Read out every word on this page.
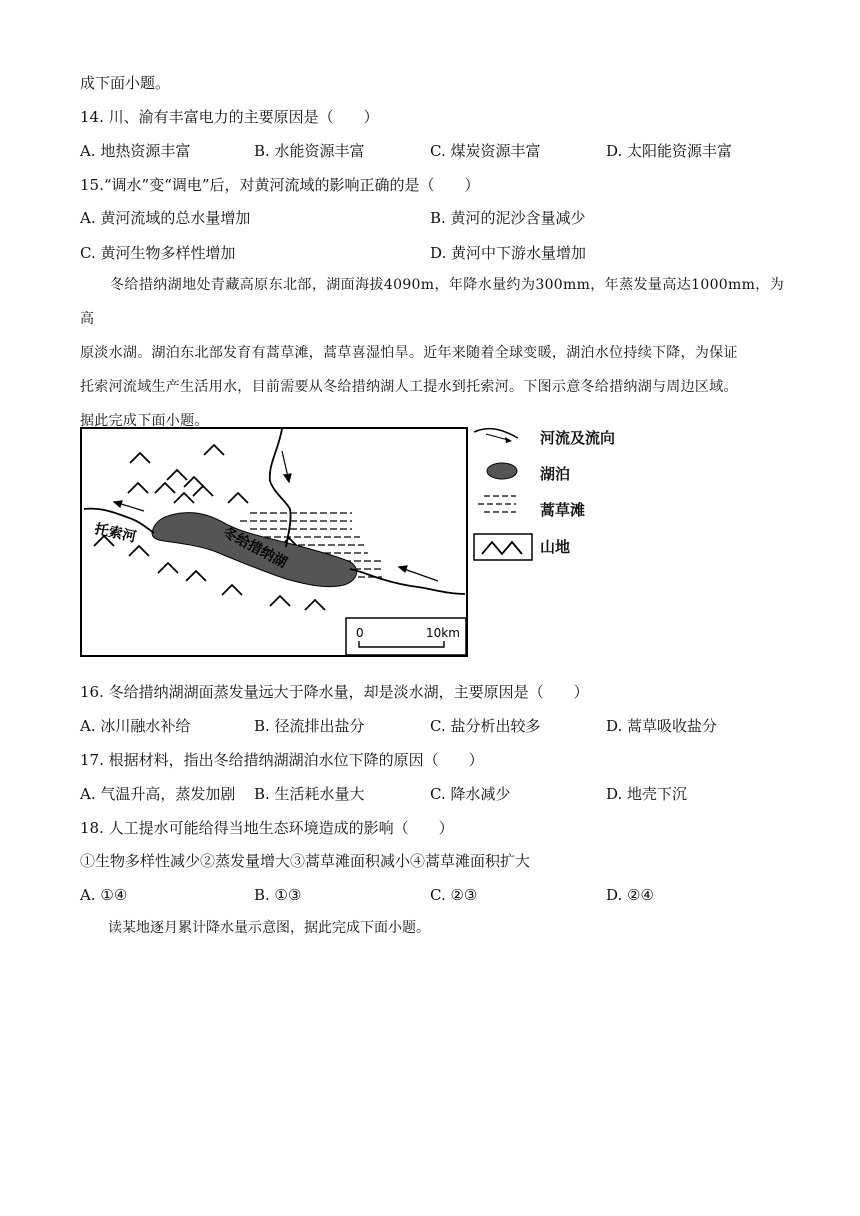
成下面小题。
14. 川、渝有丰富电力的主要原因是（　　）
A. 地热资源丰富	B. 水能资源丰富	C. 煤炭资源丰富	D. 太阳能资源丰富
15.“调水”变“调电”后，对黄河流域的影响正确的是（　　）
A. 黄河流域的总水量增加	B. 黄河的泥沙含量减少
C. 黄河生物多样性增加	D. 黄河中下游水量增加
冬给措纳湖地处青藏高原东北部，湖面海拔4090m，年降水量约为300mm，年蒸发量高达1000mm，为高
原淡水湖。湖泊东北部发育有蒿草滩，蒿草喜湿怕旱。近年来随着全球变暖，湖泊水位持续下降，为保证
托索河流域生产生活用水，目前需要从冬给措纳湖人工提水到托索河。下图示意冬给措纳湖与周边区域。
据此完成下面小题。
托索河	冬给措纳湖
0	10km
河流及流向
湖泊
蒿草滩
山地
16. 冬给措纳湖湖面蒸发量远大于降水量，却是淡水湖，主要原因是（　　）
A. 冰川融水补给	B. 径流排出盐分	C. 盐分析出较多	D. 蒿草吸收盐分
17. 根据材料，指出冬给措纳湖湖泊水位下降的原因（　　）
A. 气温升高，蒸发加剧 B. 生活耗水量大	C. 降水减少	D. 地壳下沉
18. 人工提水可能给得当地生态环境造成的影响（　　）
①生物多样性减少②蒸发量增大③蒿草滩面积减小④蒿草滩面积扩大
A. ①④	B. ①③	C. ②③	D. ②④
读某地逐月累计降水量示意图，据此完成下面小题。
